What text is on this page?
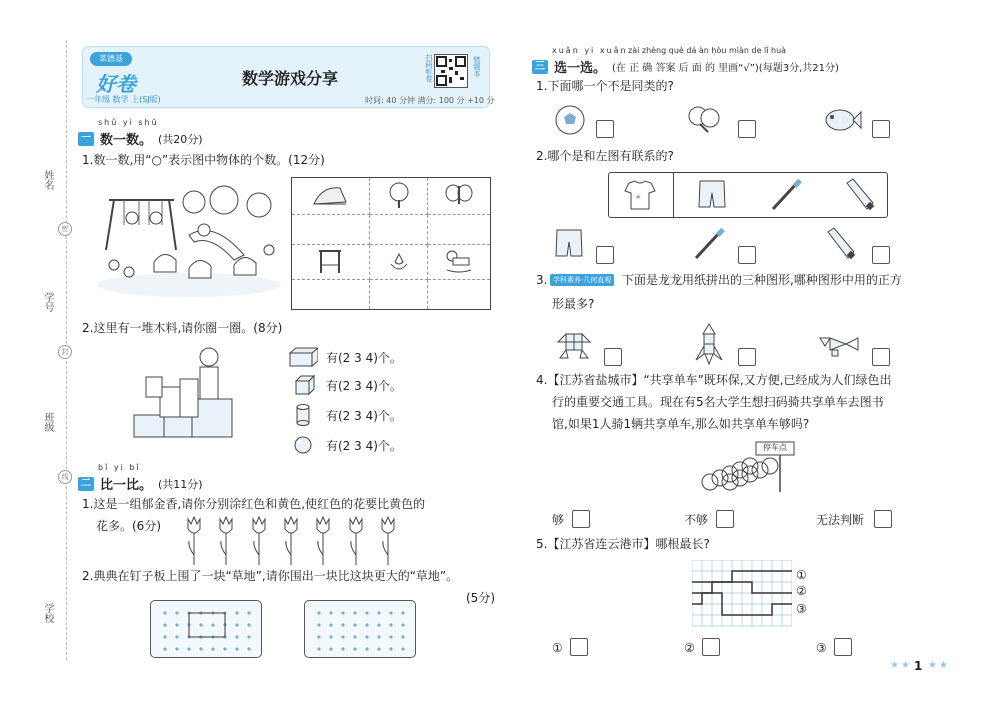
姓名
学号
班级
学校
密
封
线
菜德基
好卷
一年级 数学 上(SJ版)
数学游戏分享	扫码听卷	错题本
时间: 40 分钟 满分: 100 分 +10 分
shǔ yi shǔ
一 数一数。 (共20分)
1.数一数,用“○”表示图中物体的个数。(12分)

2.这里有一堆木料,请你圈一圈。(8分)
有(2 3 4)个。
有(2 3 4)个。
有(2 3 4)个。
有(2 3 4)个。
bǐ yi bǐ
二 比一比。 (共11分)
1.这是一组郁金香,请你分别涂红色和黄色,使红色的花要比黄色的
花多。(6分)
2.典典在钉子板上围了一块“草地”,请你围出一块比这块更大的“草地”。
(5分)
xuǎn yi xuǎn zài zhèng què dá àn hòu miàn de lǐ huà
三 选一选。 (在 正 确 答案 后 面 的 里画“√”)(每题3分,共21分)
1.下面哪一个不是同类的?
2.哪个是和左图有联系的?
★
3. 学科素养·几何直观 下面是龙龙用纸拼出的三种图形,哪种图形中用的正方
形最多?
4.【江苏省盐城市】“共享单车”既环保,又方便,已经成为人们绿色出
行的重要交通工具。现在有5名大学生想扫码骑共享单车去图书
馆,如果1人骑1辆共享单车,那么如共享单车够吗?
停车点
够	不够	无法判断
5.【江苏省连云港市】哪根最长?
①
②
③
①	②	③
★★ 1 ★★
